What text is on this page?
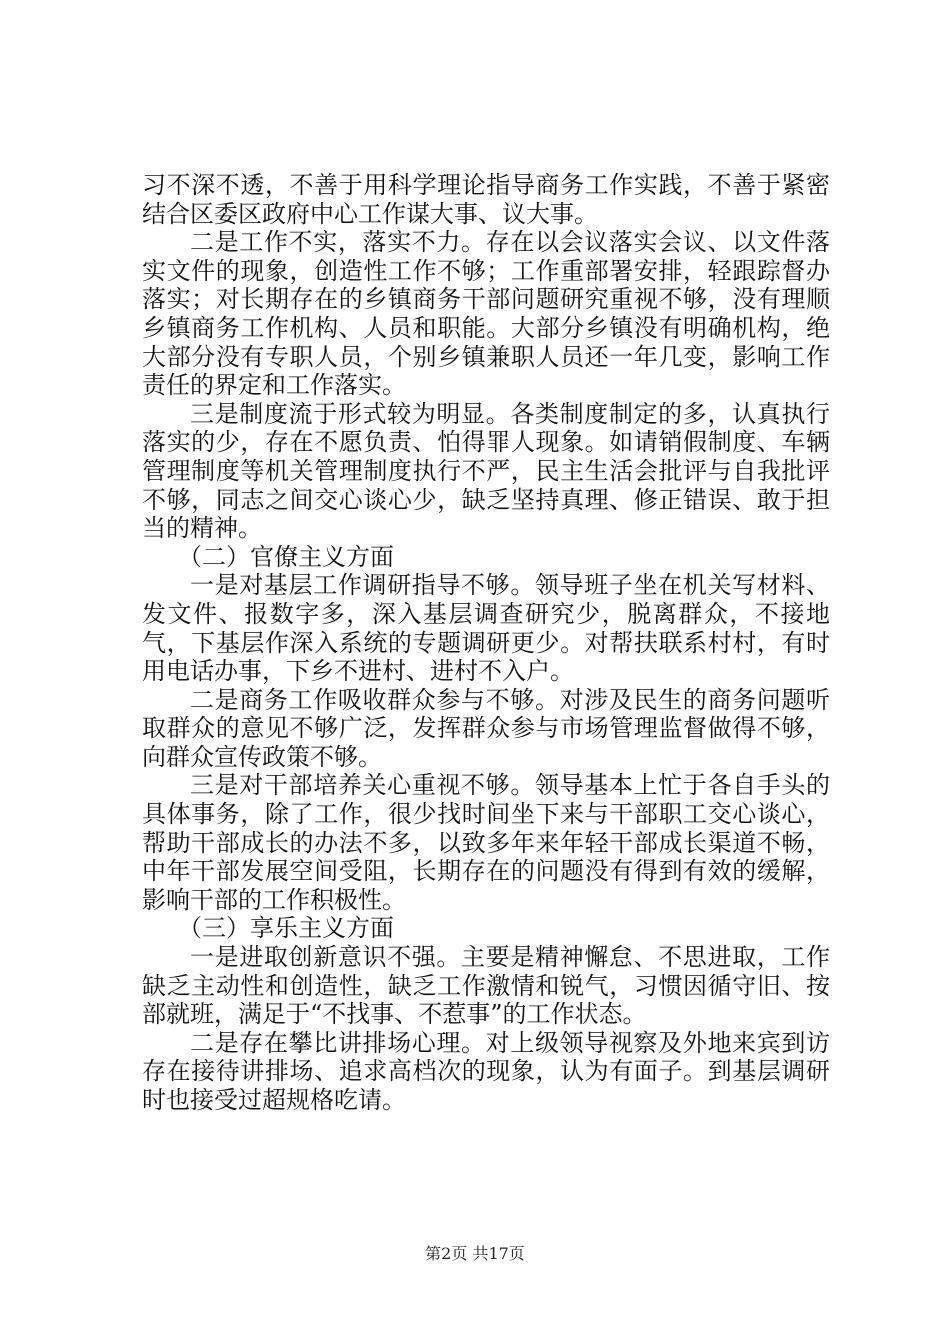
习不深不透，不善于用科学理论指导商务工作实践，不善于紧密结合区委区政府中心工作谋大事、议大事。

二是工作不实，落实不力。存在以会议落实会议、以文件落实文件的现象，创造性工作不够；工作重部署安排，轻跟踪督办落实；对长期存在的乡镇商务干部问题研究重视不够，没有理顺乡镇商务工作机构、人员和职能。大部分乡镇没有明确机构，绝大部分没有专职人员，个别乡镇兼职人员还一年几变，影响工作责任的界定和工作落实。

三是制度流于形式较为明显。各类制度制定的多，认真执行落实的少，存在不愿负责、怕得罪人现象。如请销假制度、车辆管理制度等机关管理制度执行不严，民主生活会批评与自我批评不够，同志之间交心谈心少，缺乏坚持真理、修正错误、敢于担当的精神。

（二）官僚主义方面

一是对基层工作调研指导不够。领导班子坐在机关写材料、发文件、报数字多，深入基层调查研究少，脱离群众，不接地气，下基层作深入系统的专题调研更少。对帮扶联系村村，有时用电话办事，下乡不进村、进村不入户。

二是商务工作吸收群众参与不够。对涉及民生的商务问题听取群众的意见不够广泛，发挥群众参与市场管理监督做得不够，向群众宣传政策不够。

三是对干部培养关心重视不够。领导基本上忙于各自手头的具体事务，除了工作，很少找时间坐下来与干部职工交心谈心，帮助干部成长的办法不多，以致多年来年轻干部成长渠道不畅，中年干部发展空间受阻，长期存在的问题没有得到有效的缓解，影响干部的工作积极性。

（三）享乐主义方面

一是进取创新意识不强。主要是精神懈怠、不思进取，工作缺乏主动性和创造性，缺乏工作激情和锐气，习惯因循守旧、按部就班，满足于“不找事、不惹事”的工作状态。

二是存在攀比讲排场心理。对上级领导视察及外地来宾到访存在接待讲排场、追求高档次的现象，认为有面子。到基层调研时也接受过超规格吃请。

第2页 共17页
